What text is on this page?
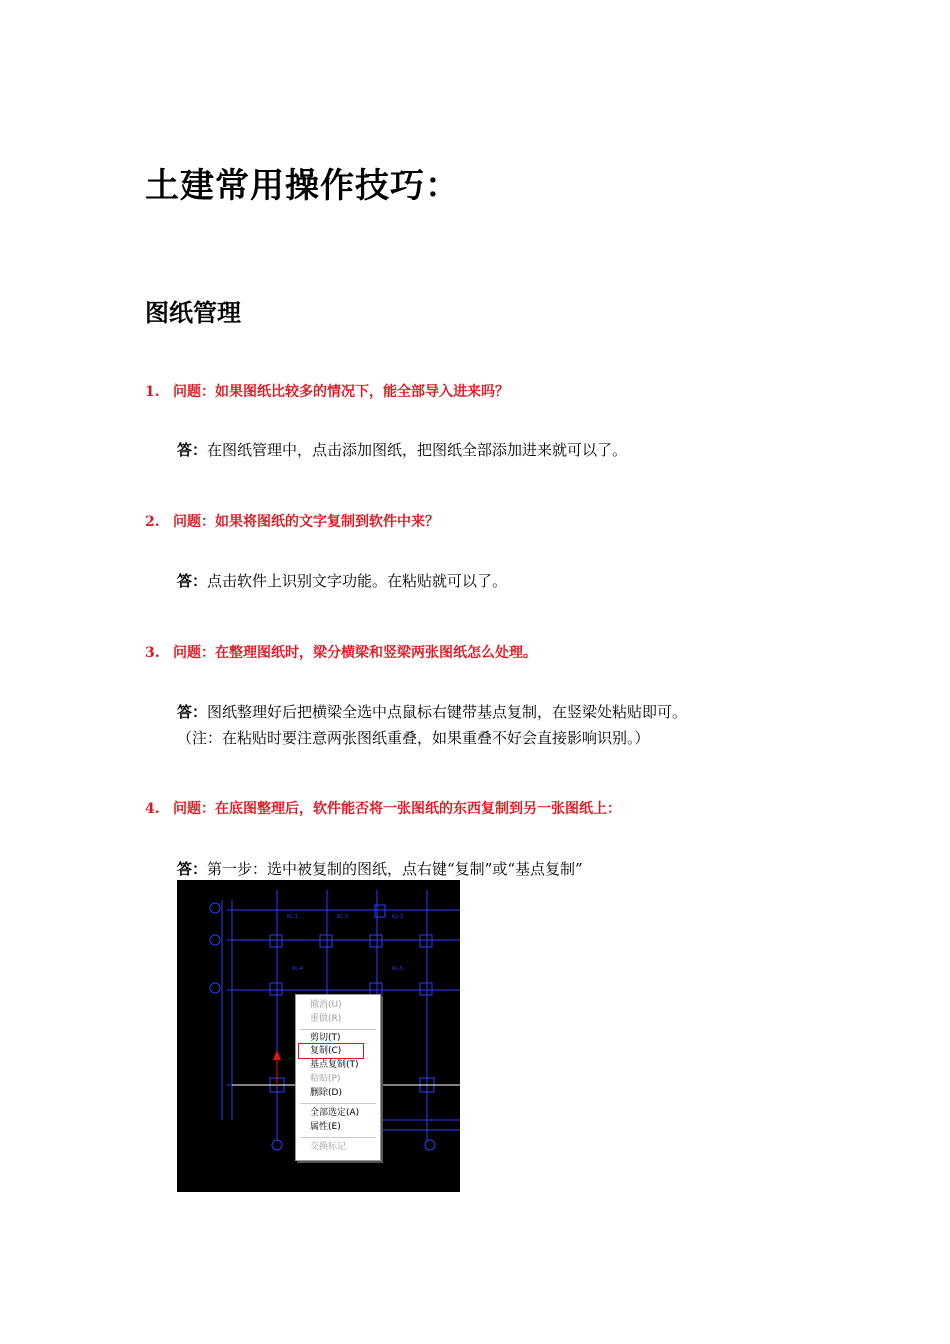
土建常用操作技巧：
图纸管理
1. 问题：如果图纸比较多的情况下，能全部导入进来吗？
答：在图纸管理中，点击添加图纸，把图纸全部添加进来就可以了。
2. 问题：如果将图纸的文字复制到软件中来？
答：点击软件上识别文字功能。在粘贴就可以了。
3. 问题：在整理图纸时，梁分横梁和竖梁两张图纸怎么处理。
答：图纸整理好后把横梁全选中点鼠标右键带基点复制，在竖梁处粘贴即可。
（注：在粘贴时要注意两张图纸重叠，如果重叠不好会直接影响识别。）
4. 问题：在底图整理后，软件能否将一张图纸的东西复制到另一张图纸上：
答：第一步：选中被复制的图纸，点右键“复制”或“基点复制”
KL-1	KL-2	KL-3
KL-4	KL-5
撤消(U)
重做(R)
剪切(T)
复制(C)
基点复制(T)
粘贴(P)
删除(D)
全部选定(A)
属性(E)
交换标记
